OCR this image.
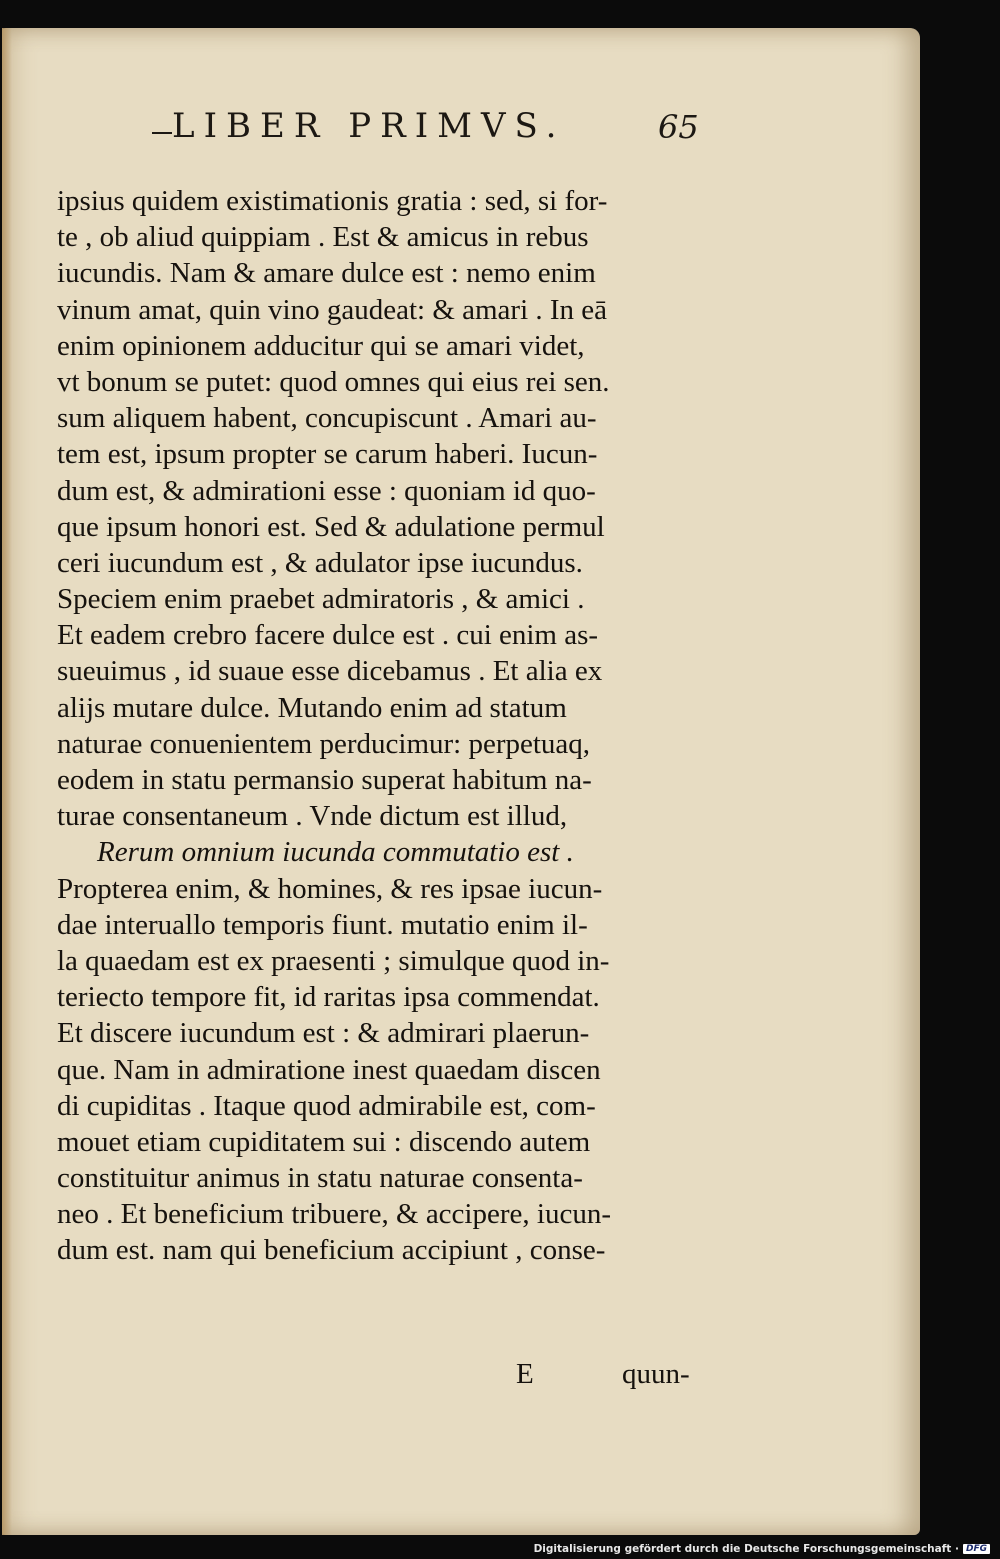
LIBER PRIMVS.	65
ipsius quidem existimationis gratia : sed, si for-
te , ob aliud quippiam . Est & amicus in rebus
iucundis. Nam & amare dulce est : nemo enim
vinum amat, quin vino gaudeat: & amari . In eā
enim opinionem adducitur qui se amari videt,
vt bonum se putet: quod omnes qui eius rei sen.
sum aliquem habent, concupiscunt . Amari au-
tem est, ipsum propter se carum haberi. Iucun-
dum est, & admirationi esse : quoniam id quo-
que ipsum honori est. Sed & adulatione permul
ceri iucundum est , & adulator ipse iucundus.
Speciem enim praebet admiratoris , & amici .
Et eadem crebro facere dulce est . cui enim as-
sueuimus , id suaue esse dicebamus . Et alia ex
alijs mutare dulce. Mutando enim ad statum
naturae conuenientem perducimur: perpetuaq,
eodem in statu permansio superat habitum na-
turae consentaneum . Vnde dictum est illud,
Rerum omnium iucunda commutatio est .
Propterea enim, & homines, & res ipsae iucun-
dae interuallo temporis fiunt. mutatio enim il-
la quaedam est ex praesenti ; simulque quod in-
teriecto tempore fit, id raritas ipsa commendat.
Et discere iucundum est : & admirari plaerun-
que. Nam in admiratione inest quaedam discen
di cupiditas . Itaque quod admirabile est, com-
mouet etiam cupiditatem sui : discendo autem
constituitur animus in statu naturae consenta-
neo . Et beneficium tribuere, & accipere, iucun-
dum est. nam qui beneficium accipiunt , conse-
E	quun-
Digitalisierung gefördert durch die Deutsche Forschungsgemeinschaft · DFG
